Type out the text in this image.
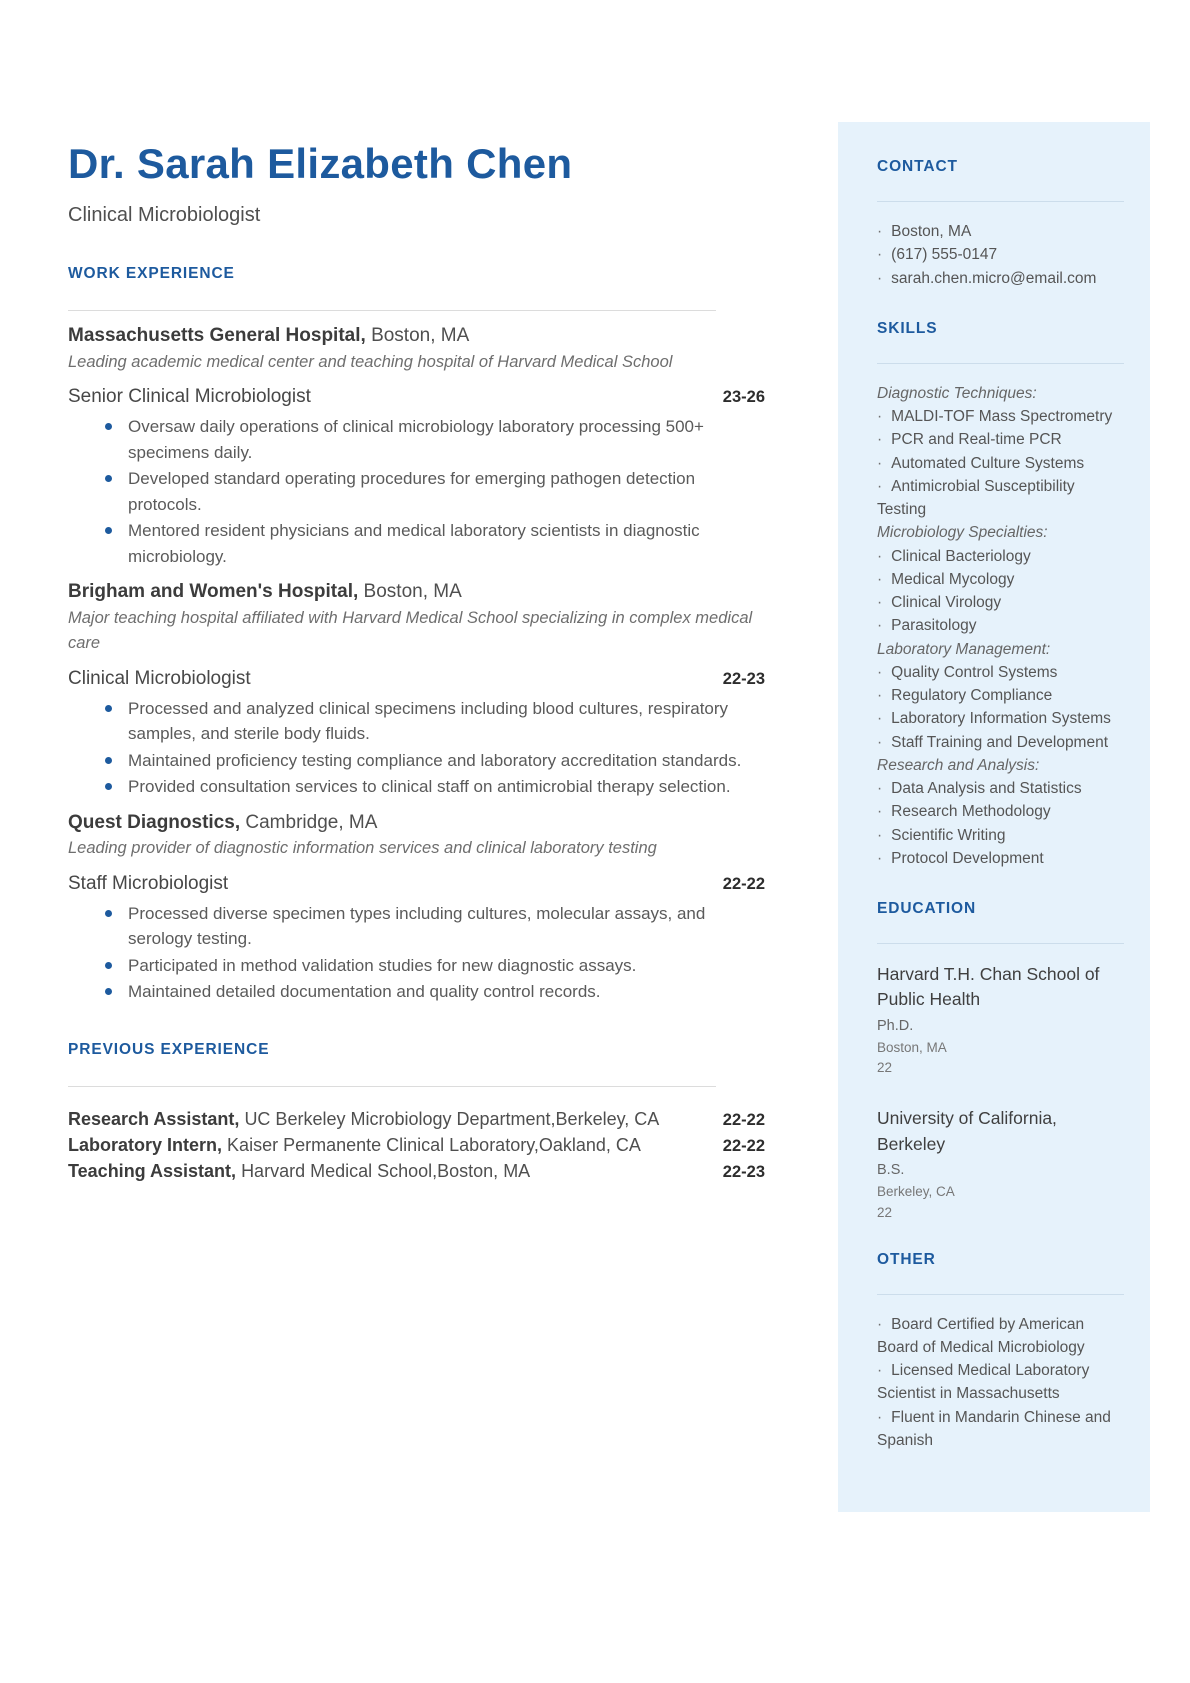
Dr. Sarah Elizabeth Chen
Clinical Microbiologist
WORK EXPERIENCE
Massachusetts General Hospital, Boston, MA
Leading academic medical center and teaching hospital of Harvard Medical School
Senior Clinical Microbiologist	23-26
Oversaw daily operations of clinical microbiology laboratory processing 500+ specimens daily.
Developed standard operating procedures for emerging pathogen detection protocols.
Mentored resident physicians and medical laboratory scientists in diagnostic microbiology.
Brigham and Women's Hospital, Boston, MA
Major teaching hospital affiliated with Harvard Medical School specializing in complex medical care
Clinical Microbiologist	22-23
Processed and analyzed clinical specimens including blood cultures, respiratory samples, and sterile body fluids.
Maintained proficiency testing compliance and laboratory accreditation standards.
Provided consultation services to clinical staff on antimicrobial therapy selection.
Quest Diagnostics, Cambridge, MA
Leading provider of diagnostic information services and clinical laboratory testing
Staff Microbiologist	22-22
Processed diverse specimen types including cultures, molecular assays, and serology testing.
Participated in method validation studies for new diagnostic assays.
Maintained detailed documentation and quality control records.
PREVIOUS EXPERIENCE
Research Assistant, UC Berkeley Microbiology Department,Berkeley, CA	22-22
Laboratory Intern, Kaiser Permanente Clinical Laboratory,Oakland, CA	22-22
Teaching Assistant, Harvard Medical School,Boston, MA	22-23
CONTACT
· Boston, MA
· (617) 555-0147
· sarah.chen.micro@email.com
SKILLS
Diagnostic Techniques:
· MALDI-TOF Mass Spectrometry
· PCR and Real-time PCR
· Automated Culture Systems
· Antimicrobial Susceptibility Testing
Microbiology Specialties:
· Clinical Bacteriology
· Medical Mycology
· Clinical Virology
· Parasitology
Laboratory Management:
· Quality Control Systems
· Regulatory Compliance
· Laboratory Information Systems
· Staff Training and Development
Research and Analysis:
· Data Analysis and Statistics
· Research Methodology
· Scientific Writing
· Protocol Development
EDUCATION
Harvard T.H. Chan School of Public Health
Ph.D.
Boston, MA
22
University of California, Berkeley
B.S.
Berkeley, CA
22
OTHER
· Board Certified by American Board of Medical Microbiology
· Licensed Medical Laboratory Scientist in Massachusetts
· Fluent in Mandarin Chinese and Spanish
